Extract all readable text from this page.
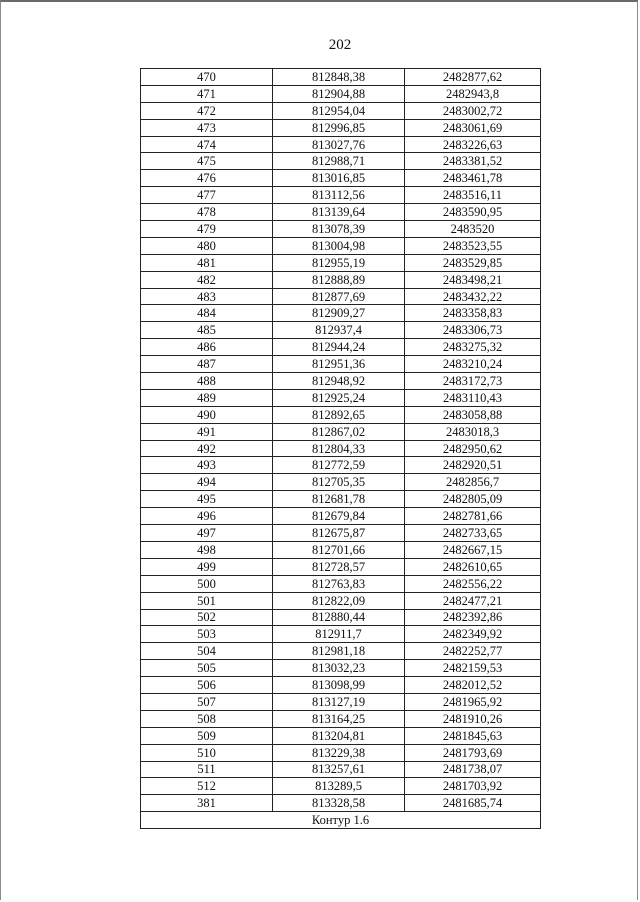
202
470	812848,38	2482877,62
471	812904,88	2482943,8
472	812954,04	2483002,72
473	812996,85	2483061,69
474	813027,76	2483226,63
475	812988,71	2483381,52
476	813016,85	2483461,78
477	813112,56	2483516,11
478	813139,64	2483590,95
479	813078,39	2483520
480	813004,98	2483523,55
481	812955,19	2483529,85
482	812888,89	2483498,21
483	812877,69	2483432,22
484	812909,27	2483358,83
485	812937,4	2483306,73
486	812944,24	2483275,32
487	812951,36	2483210,24
488	812948,92	2483172,73
489	812925,24	2483110,43
490	812892,65	2483058,88
491	812867,02	2483018,3
492	812804,33	2482950,62
493	812772,59	2482920,51
494	812705,35	2482856,7
495	812681,78	2482805,09
496	812679,84	2482781,66
497	812675,87	2482733,65
498	812701,66	2482667,15
499	812728,57	2482610,65
500	812763,83	2482556,22
501	812822,09	2482477,21
502	812880,44	2482392,86
503	812911,7	2482349,92
504	812981,18	2482252,77
505	813032,23	2482159,53
506	813098,99	2482012,52
507	813127,19	2481965,92
508	813164,25	2481910,26
509	813204,81	2481845,63
510	813229,38	2481793,69
511	813257,61	2481738,07
512	813289,5	2481703,92
381	813328,58	2481685,74
Контур 1.6		
